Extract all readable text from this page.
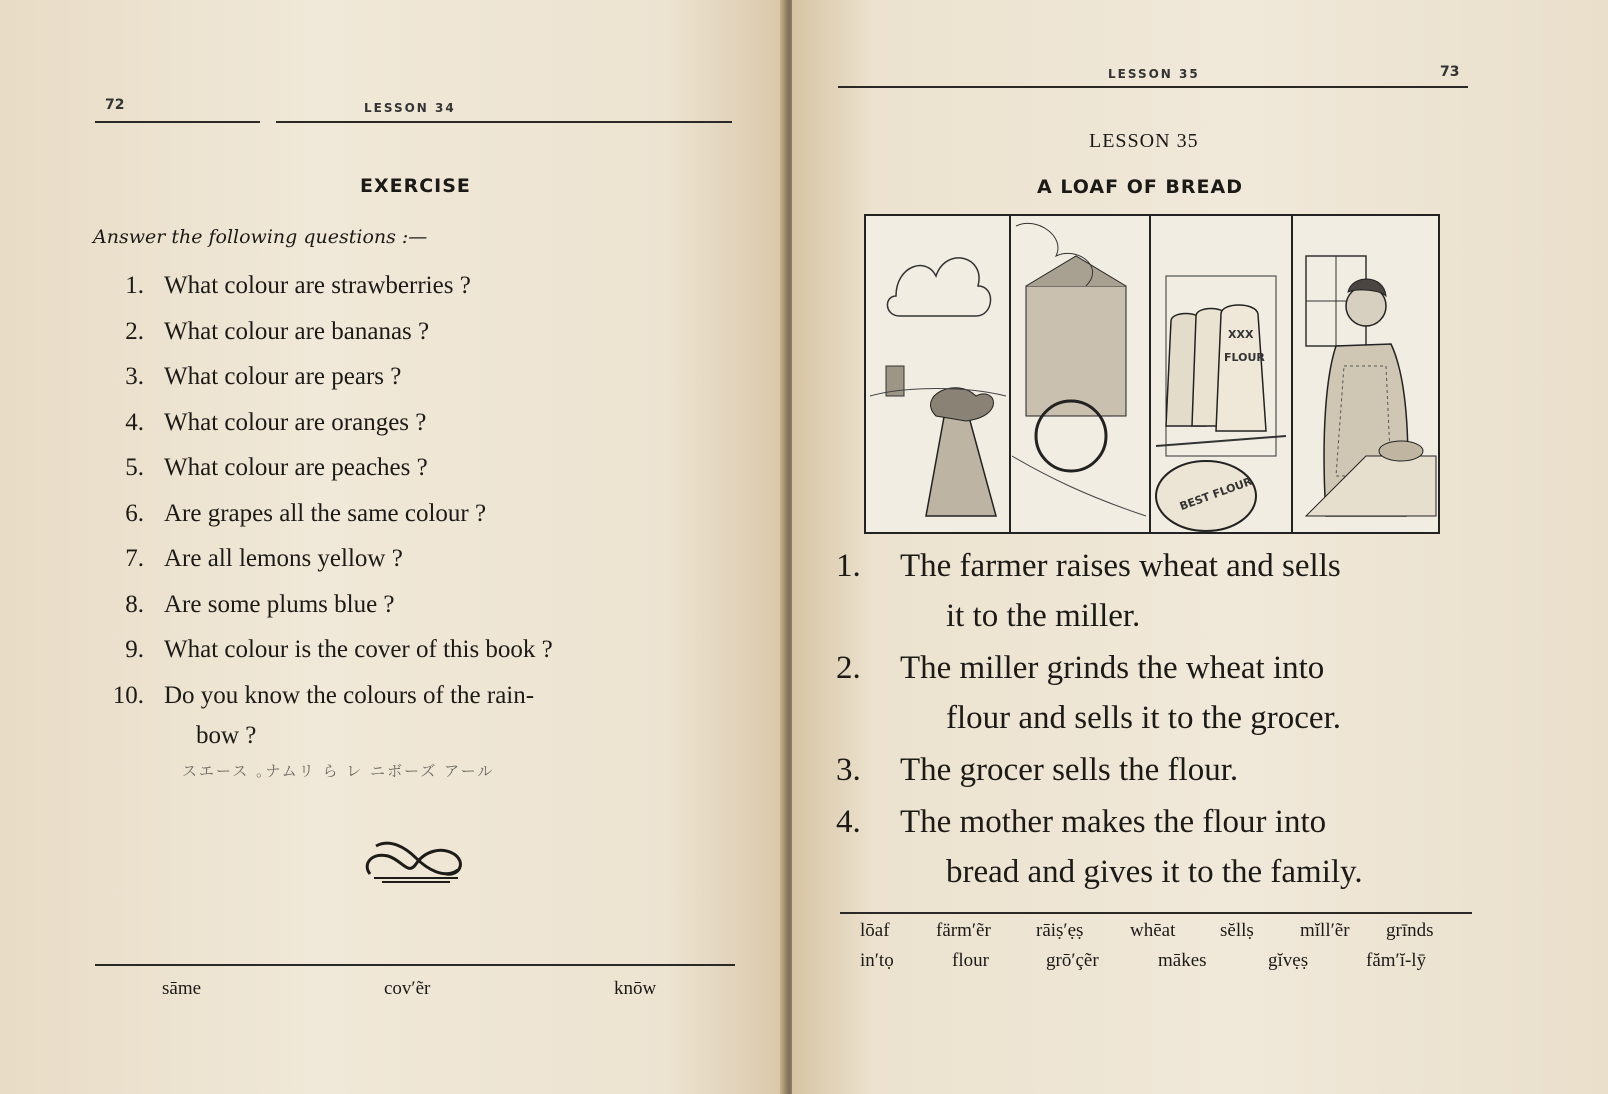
72	LESSON 34
EXERCISE
Answer the following questions :—
1. What colour are strawberries ?
2. What colour are bananas ?
3. What colour are pears ?
4. What colour are oranges ?
5. What colour are peaches ?
6. Are grapes all the same colour ?
7. Are all lemons yellow ?
8. Are some plums blue ?
9. What colour is the cover of this book ?
10. Do you know the colours of the rain-
bow ?
スエース ｡ナムリ ら レ ニボーズ アール
sāme	cov′ẽr	knōw
LESSON 35	73
LESSON 35
A LOAF OF BREAD
FLOUR
XXX
BEST FLOUR
1. The farmer raises wheat and sells
it to the miller.
2. The miller grinds the wheat into
flour and sells it to the grocer.
3. The grocer sells the flour.
4. The mother makes the flour into
bread and gives it to the family.
lōaf färm′ẽr rāiṣ′ẹṣ whēat sĕllṣ mĭll′ẽr grīnds
in′tọ	flour	grō′çẽr	mākes	gĭvẹṣ	făm′ĭ-lȳ
